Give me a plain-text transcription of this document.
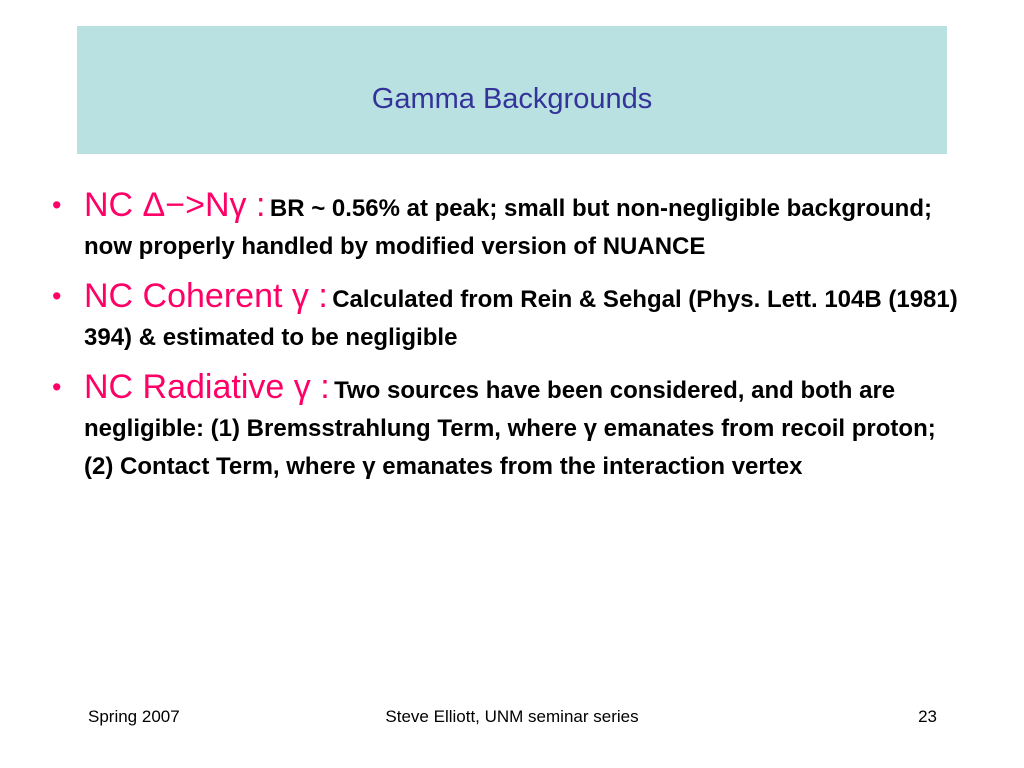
Gamma Backgrounds
• NC Δ−>Nγ : BR ~ 0.56% at peak; small but non-negligible background; now properly handled by modified version of NUANCE
• NC Coherent γ : Calculated from Rein & Sehgal (Phys. Lett. 104B (1981) 394) & estimated to be negligible
• NC Radiative γ : Two sources have been considered, and both are negligible: (1) Bremsstrahlung Term, where γ emanates from recoil proton; (2) Contact Term, where γ emanates from the interaction vertex
Spring 2007	Steve Elliott, UNM seminar series	23
